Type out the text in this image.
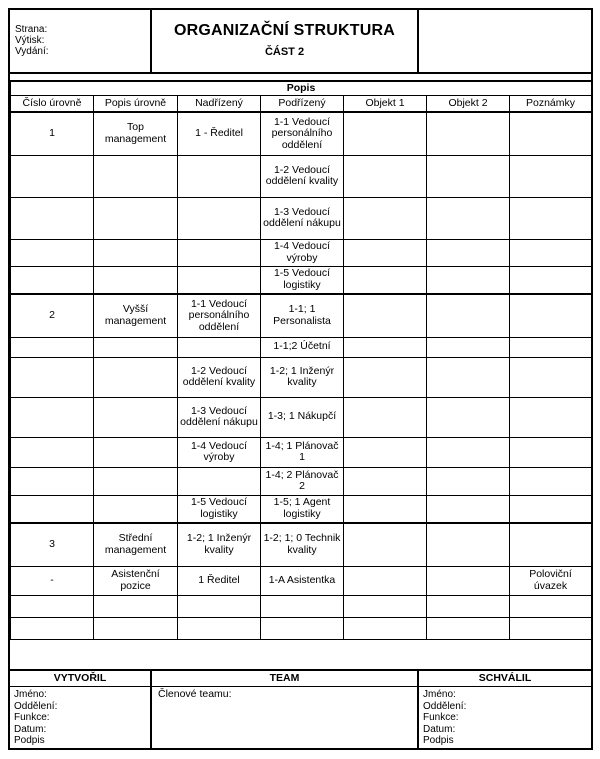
Strana:
Výtisk:
Vydání:
ORGANIZAČNÍ STRUKTURA
ČÁST 2
Popis						
Číslo úrovně	Popis úrovně	Nadřízený	Podřízený	Objekt 1	Objekt 2	Poznámky
1	Top management	1 - Ředitel	1-1 Vedoucí personálního oddělení			
			1-2 Vedoucí oddělení kvality			
			1-3 Vedoucí oddělení nákupu			
			1-4 Vedoucí výroby			
			1-5 Vedoucí logistiky			
2	Vyšší management	1-1 Vedoucí personálního oddělení	1-1; 1 Personalista			
			1-1;2 Účetní			
		1-2 Vedoucí oddělení kvality	1-2; 1 Inženýr kvality			
		1-3 Vedoucí oddělení nákupu	1-3; 1 Nákupčí			
		1-4 Vedoucí výroby	1-4; 1 Plánovač 1			
			1-4; 2 Plánovač 2			
		1-5 Vedoucí logistiky	1-5; 1 Agent logistiky			
3	Střední management	1-2; 1 Inženýr kvality	1-2; 1; 0 Technik kvality			
-	Asistenční pozice	1 Ředitel	1-A Asistentka			Poloviční úvazek

VYTVOŘIL
Jméno:
Oddělení:
Funkce:
Datum:
Podpis
TEAM
Členové teamu:
SCHVÁLIL
Jméno:
Oddělení:
Funkce:
Datum:
Podpis
